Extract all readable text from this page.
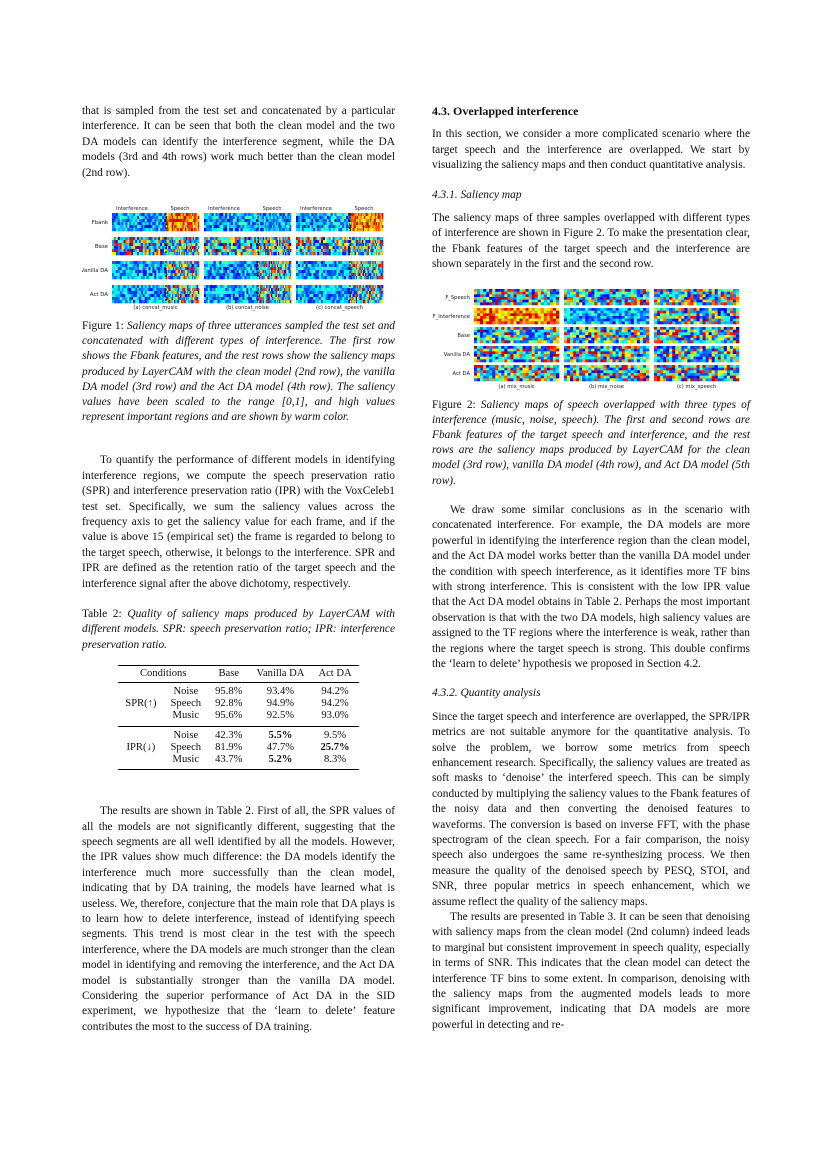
that is sampled from the test set and concatenated by a particular interference. It can be seen that both the clean model and the two DA models can identify the interference segment, while the DA models (3rd and 4th rows) work much better than the clean model (2nd row).

Interference	Speech
(a) concat_music
Interference	Speech
(b) concat_noise
Interference	Speech
(c) concat_speech
Fbank
Base
Vanilla DA
Act DA

Figure 1: Saliency maps of three utterances sampled the test set and concatenated with different types of interference. The first row shows the Fbank features, and the rest rows show the saliency maps produced by LayerCAM with the clean model (2nd row), the vanilla DA model (3rd row) and the Act DA model (4th row). The saliency values have been scaled to the range [0,1], and high values represent important regions and are shown by warm color.

To quantify the performance of different models in identifying interference regions, we compute the speech preservation ratio (SPR) and interference preservation ratio (IPR) with the VoxCeleb1 test set. Specifically, we sum the saliency values across the frequency axis to get the saliency value for each frame, and if the value is above 15 (empirical set) the frame is regarded to belong to the target speech, otherwise, it belongs to the interference. SPR and IPR are defined as the retention ratio of the target speech and the interference signal after the above dichotomy, respectively.

Table 2: Quality of saliency maps produced by LayerCAM with different models. SPR: speech preservation ratio; IPR: interference preservation ratio.

Conditions		Base	Vanilla DA	Act DA
SPR(↑)	Noise	95.8%	93.4%	94.2%
	Speech	92.8%	94.9%	94.2%
	Music	95.6%	92.5%	93.0%
IPR(↓)	Noise	42.3%	5.5%	9.5%
	Speech	81.9%	47.7%	25.7%
	Music	43.7%	5.2%	8.3%

The results are shown in Table 2. First of all, the SPR values of all the models are not significantly different, suggesting that the speech segments are all well identified by all the models. However, the IPR values show much difference: the DA models identify the interference much more successfully than the clean model, indicating that by DA training, the models have learned what is useless. We, therefore, conjecture that the main role that DA plays is to learn how to delete interference, instead of identifying speech segments. This trend is most clear in the test with the speech interference, where the DA models are much stronger than the clean model in identifying and removing the interference, and the Act DA model is substantially stronger than the vanilla DA model. Considering the superior performance of Act DA in the SID experiment, we hypothesize that the ‘learn to delete’ feature contributes the most to the success of DA training.

4.3. Overlapped interference

In this section, we consider a more complicated scenario where the target speech and the interference are overlapped. We start by visualizing the saliency maps and then conduct quantitative analysis.

4.3.1. Saliency map

The saliency maps of three samples overlapped with different types of interference are shown in Figure 2. To make the presentation clear, the Fbank features of the target speech and the interference are shown separately in the first and the second row.

(a) mix_music	(b) mix_noise	(c) mix_speech
F_Speech
F_Interference
Base
Vanilla DA
Act DA

Figure 2: Saliency maps of speech overlapped with three types of interference (music, noise, speech). The first and second rows are Fbank features of the target speech and interference, and the rest rows are the saliency maps produced by LayerCAM for the clean model (3rd row), vanilla DA model (4th row), and Act DA model (5th row).

We draw some similar conclusions as in the scenario with concatenated interference. For example, the DA models are more powerful in identifying the interference region than the clean model, and the Act DA model works better than the vanilla DA model under the condition with speech interference, as it identifies more TF bins with strong interference. This is consistent with the low IPR value that the Act DA model obtains in Table 2. Perhaps the most important observation is that with the two DA models, high saliency values are assigned to the TF regions where the interference is weak, rather than the regions where the target speech is strong. This double confirms the ‘learn to delete’ hypothesis we proposed in Section 4.2.

4.3.2. Quantity analysis

Since the target speech and interference are overlapped, the SPR/IPR metrics are not suitable anymore for the quantitative analysis. To solve the problem, we borrow some metrics from speech enhancement research. Specifically, the saliency values are treated as soft masks to ‘denoise’ the interfered speech. This can be simply conducted by multiplying the saliency values to the Fbank features of the noisy data and then converting the denoised features to waveforms. The conversion is based on inverse FFT, with the phase spectrogram of the clean speech. For a fair comparison, the noisy speech also undergoes the same re-synthesizing process. We then measure the quality of the denoised speech by PESQ, STOI, and SNR, three popular metrics in speech enhancement, which we assume reflect the quality of the saliency maps.

The results are presented in Table 3. It can be seen that denoising with saliency maps from the clean model (2nd column) indeed leads to marginal but consistent improvement in speech quality, especially in terms of SNR. This indicates that the clean model can detect the interference TF bins to some extent. In comparison, denoising with the saliency maps from the augmented models leads to more significant improvement, indicating that DA models are more powerful in detecting and re-
